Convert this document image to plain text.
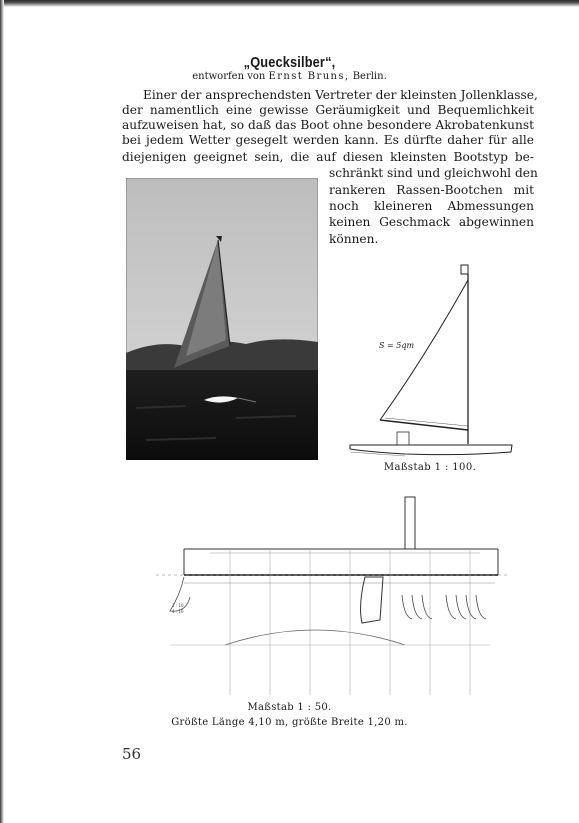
„Quecksilber“,
entworfen von Ernst Bruns, Berlin.
Einer der ansprechendsten Vertreter der kleinsten Jollenklasse,
der namentlich eine gewisse Geräumigkeit und Bequemlichkeit
aufzuweisen hat, so daß das Boot ohne besondere Akrobatenkunst
bei jedem Wetter gesegelt werden kann. Es dürfte daher für alle
diejenigen geeignet sein, die auf diesen kleinsten Bootstyp be-
schränkt sind und gleichwohl den
rankeren Rassen-Bootchen mit
noch kleineren Abmessungen
keinen Geschmack abgewinnen
können.
S = 5qm
Maßstab 1 : 100.
1 : 10
4 : 10
Maßstab 1 : 50.
Größte Länge 4,10 m, größte Breite 1,20 m.
56
